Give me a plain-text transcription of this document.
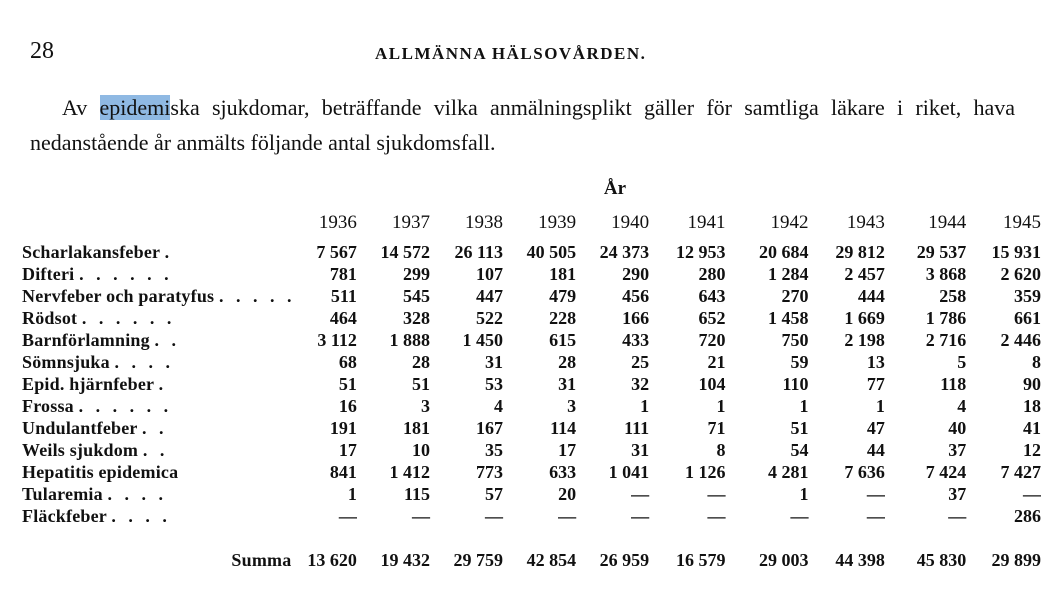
28	ALLMÄNNA HÄLSOVÅRDEN.

Av epidemiska sjukdomar, beträffande vilka anmälningsplikt gäller för samtliga läkare i riket, hava nedanstående år anmälts följande antal sjukdomsfall.

År
	1936	1937	1938	1939	1940	1941	1942	1943	1944	1945
Scharlakansfeber .	7 567	14 572	26 113	40 505	24 373	12 953	20 684	29 812	29 537	15 931
Difteri . . . . . .	781	299	107	181	290	280	1 284	2 457	3 868	2 620
Nervfeber och paratyfus . . . . .	511	545	447	479	456	643	270	444	258	359
Rödsot . . . . . .	464	328	522	228	166	652	1 458	1 669	1 786	661
Barnförlamning . .	3 112	1 888	1 450	615	433	720	750	2 198	2 716	2 446
Sömnsjuka . . . .	68	28	31	28	25	21	59	13	5	8
Epid. hjärnfeber .	51	51	53	31	32	104	110	77	118	90
Frossa . . . . . .	16	3	4	3	1	1	1	1	4	18
Undulantfeber . .	191	181	167	114	111	71	51	47	40	41
Weils sjukdom . .	17	10	35	17	31	8	54	44	37	12
Hepatitis epidemica	841	1 412	773	633	1 041	1 126	4 281	7 636	7 424	7 427
Tularemia . . . .	1	115	57	20	—	—	1	—	37	—
Fläckfeber . . . .	—	—	—	—	—	—	—	—	—	286

Summa	13 620	19 432	29 759	42 854	26 959	16 579	29 003	44 398	45 830	29 899
